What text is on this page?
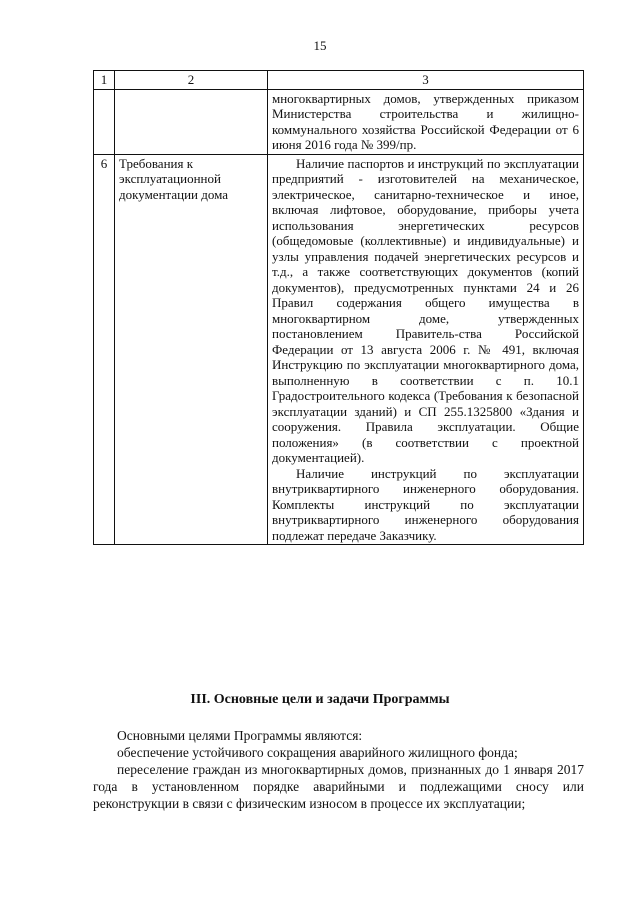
15
1	2	3
		многоквартирных домов, утвержденных приказом Министерства строительства и жилищно-коммунального хозяйства Российской Федерации от 6 июня 2016 года № 399/пр.
6	Требования к эксплуатационной документации дома	Наличие паспортов и инструкций по эксплуатации предприятий - изготовителей на механическое, электрическое, санитарно-техническое и иное, включая лифтовое, оборудование, приборы учета использования энергетических ресурсов (общедомовые (коллективные) и индивидуальные) и узлы управления подачей энергетических ресурсов и т.д., а также соответствующих документов (копий документов), предусмотренных пунктами 24 и 26 Правил содержания общего имущества в многоквартирном доме, утвержденных постановлением Правитель-ства Российской Федерации от 13 августа 2006 г. № 491, включая Инструкцию по эксплуатации многоквартирного дома, выполненную в соответствии с п. 10.1 Градостроительного кодекса (Требования к безопасной эксплуатации зданий) и СП 255.1325800 «Здания и сооружения. Правила эксплуатации. Общие положения» (в соответствии с проектной документацией).
Наличие инструкций по эксплуатации внутриквартирного инженерного оборудования. Комплекты инструкций по эксплуатации внутриквартирного инженерного оборудования подлежат передаче Заказчику.
III. Основные цели и задачи Программы

Основными целями Программы являются:

обеспечение устойчивого сокращения аварийного жилищного фонда;

переселение граждан из многоквартирных домов, признанных до 1 января 2017 года в установленном порядке аварийными и подлежащими сносу или реконструкции в связи с физическим износом в процессе их эксплуатации;
